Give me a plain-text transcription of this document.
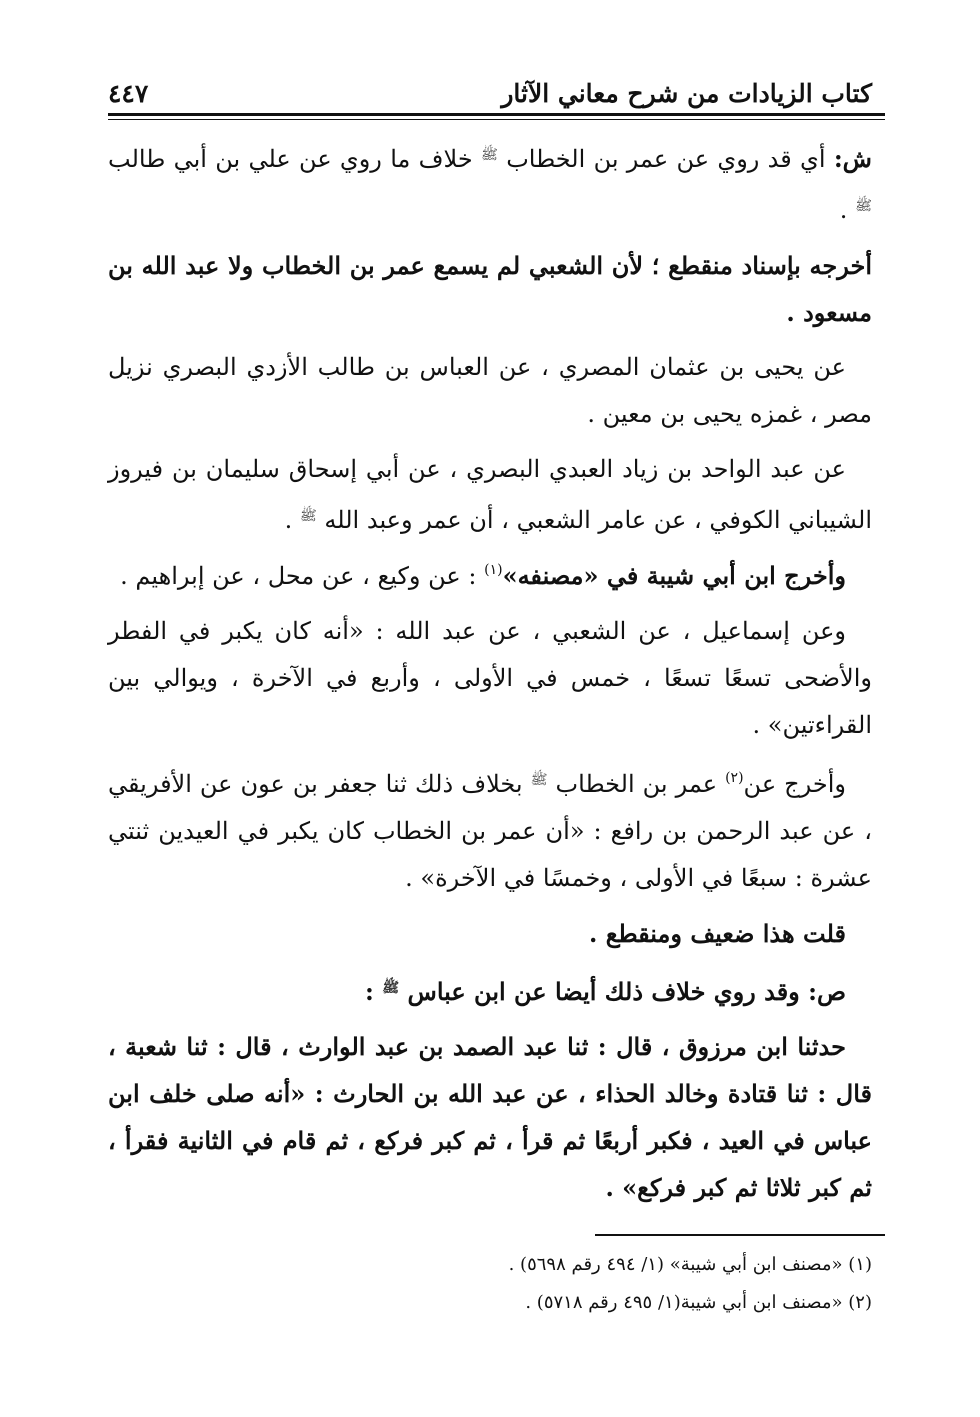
كتاب الزيادات من شرح معاني الآثار
٤٤٧

ش: أي قد روي عن عمر بن الخطاب $^ﷺ$ خلاف ما روي عن علي بن أبي طالب $^ﷺ$ .

أخرجه بإسناد منقطع ؛ لأن الشعبي لم يسمع عمر بن الخطاب ولا عبد الله بن مسعود .

عن يحيى بن عثمان المصري ، عن العباس بن طالب الأزدي البصري نزيل مصر ، غمزه يحيى بن معين .

عن عبد الواحد بن زياد العبدي البصري ، عن أبي إسحاق سليمان بن فيروز الشيباني الكوفي ، عن عامر الشعبي ، أن عمر وعبد الله $^ﷺ$ .

وأخرج ابن أبي شيبة في «مصنفه»$^{(١)}$ : عن وكيع ، عن محل ، عن إبراهيم .

وعن إسماعيل ، عن الشعبي ، عن عبد الله : «أنه كان يكبر في الفطر والأضحى تسعًا تسعًا ، خمس في الأولى ، وأربع في الآخرة ، ويوالي بين القراءتين» .

وأخرج عن$^{(٢)}$ عمر بن الخطاب $^ﷺ$ بخلاف ذلك ثنا جعفر بن عون عن الأفريقي ، عن عبد الرحمن بن رافع : «أن عمر بن الخطاب كان يكبر في العيدين ثنتي عشرة : سبعًا في الأولى ، وخمسًا في الآخرة» .

قلت هذا ضعيف ومنقطع .

ص: وقد روي خلاف ذلك أيضا عن ابن عباس $^ﷺ$ :

حدثنا ابن مرزوق ، قال : ثنا عبد الصمد بن عبد الوارث ، قال : ثنا شعبة ، قال : ثنا قتادة وخالد الحذاء ، عن عبد الله بن الحارث : «أنه صلى خلف ابن عباس في العيد ، فكبر أربعًا ثم قرأ ، ثم كبر فركع ، ثم قام في الثانية فقرأ ، ثم كبر ثلاثا ثم كبر فركع» .

(١) «مصنف ابن أبي شيبة» (١/ ٤٩٤ رقم ٥٦٩٨) .

(٢) «مصنف ابن أبي شيبة(١/ ٤٩٥ رقم ٥٧١٨) .
